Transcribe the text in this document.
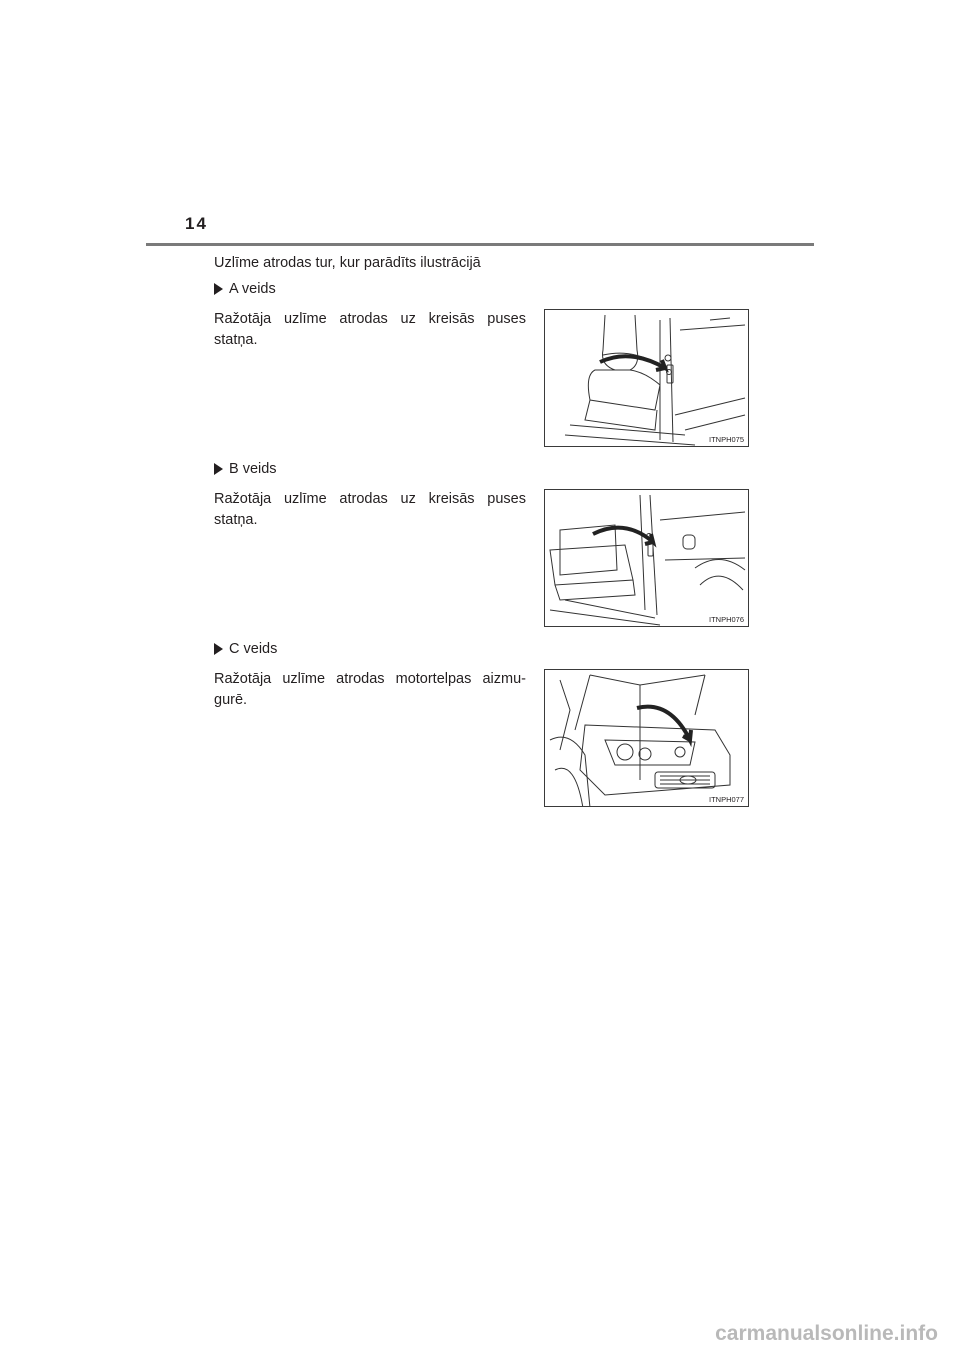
14
Uzlīme atrodas tur, kur parādīts ilustrācijā
A veids
Ražotāja uzlīme atrodas uz kreisās puses statņa.
ITNPH075
B veids
Ražotāja uzlīme atrodas uz kreisās puses statņa.
ITNPH076
C veids
Ražotāja uzlīme atrodas motortelpas aizmu-gurē.
ITNPH077
carmanualsonline.info
